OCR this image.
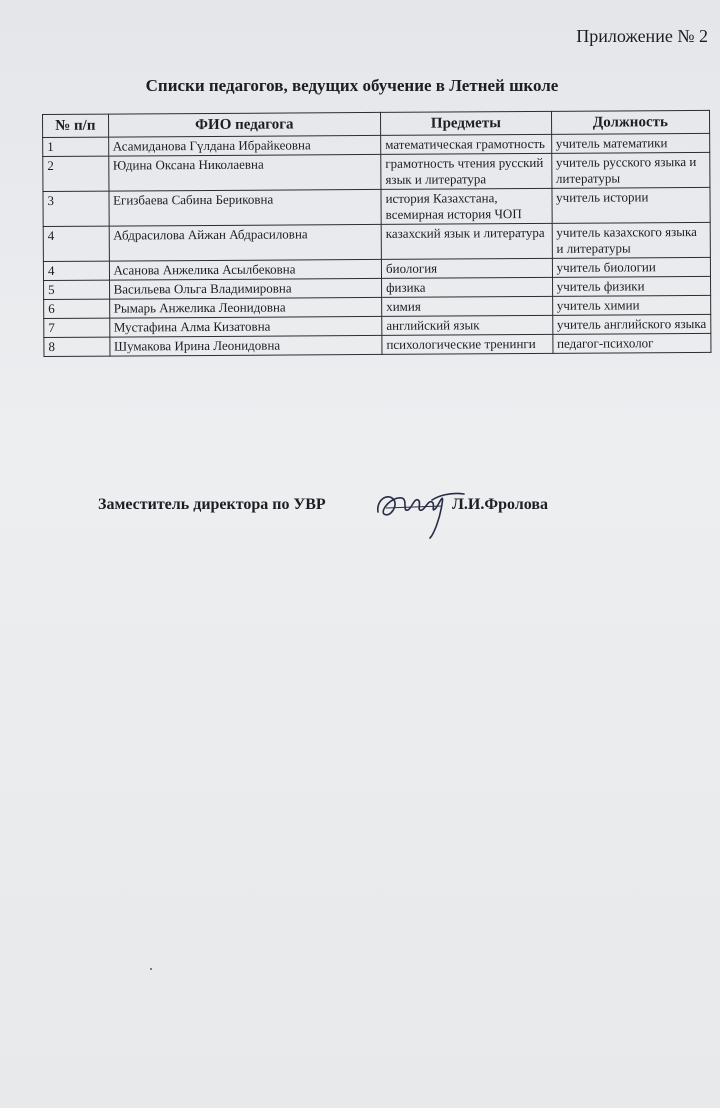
Приложение № 2
Списки педагогов, ведущих обучение в Летней школе
№ п/п	ФИО педагога	Предметы	Должность
1	Асамиданова Гүлдана Ибрайкеовна	математическая грамотность	учитель математики
2	Юдина Оксана Николаевна	грамотность чтения русский язык и литература	учитель русского языка и литературы
3	Егизбаева Сабина Бериковна	история Казахстана, всемирная история ЧОП	учитель истории
4	Абдрасилова Айжан Абдрасиловна	казахский язык и литература	учитель казахского языка и литературы
4	Асанова Анжелика Асылбековна	биология	учитель биологии
5	Васильева Ольга Владимировна	физика	учитель физики
6	Рымарь Анжелика Леонидовна	химия	учитель химии
7	Мустафина Алма Кизатовна	английский язык	учитель английского языка
8	Шумакова Ирина Леонидовна	психологические тренинги	педагог-психолог
Заместитель директора по УВР	Л.И.Фролова
